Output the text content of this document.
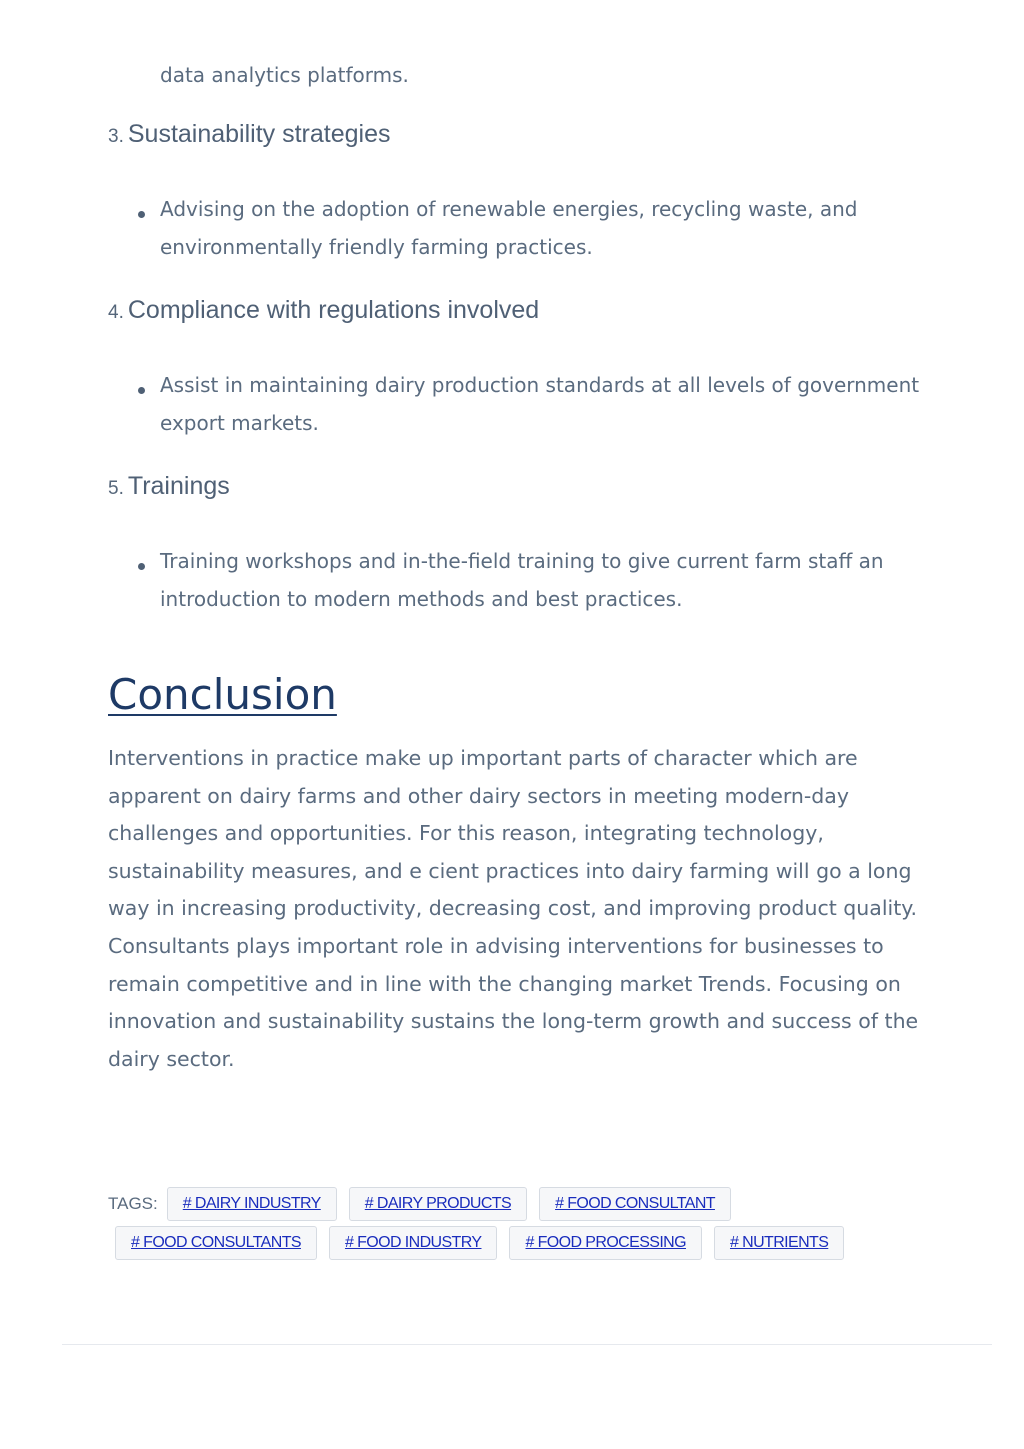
data analytics platforms.
3. Sustainability strategies
Advising on the adoption of renewable energies, recycling waste, and environmentally friendly farming practices.
4. Compliance with regulations involved
Assist in maintaining dairy production standards at all levels of government export markets.
5. Trainings
Training workshops and in-the-field training to give current farm staff an introduction to modern methods and best practices.
Conclusion

Interventions in practice make up important parts of character which are apparent on dairy farms and other dairy sectors in meeting modern-day challenges and opportunities. For this reason, integrating technology, sustainability measures, and e cient practices into dairy farming will go a long way in increasing productivity, decreasing cost, and improving product quality. Consultants plays important role in advising interventions for businesses to remain competitive and in line with the changing market Trends. Focusing on innovation and sustainability sustains the long-term growth and success of the dairy sector.

TAGS:	# DAIRY INDUSTRY	# DAIRY PRODUCTS	# FOOD CONSULTANT
# FOOD CONSULTANTS	# FOOD INDUSTRY	# FOOD PROCESSING	# NUTRIENTS
